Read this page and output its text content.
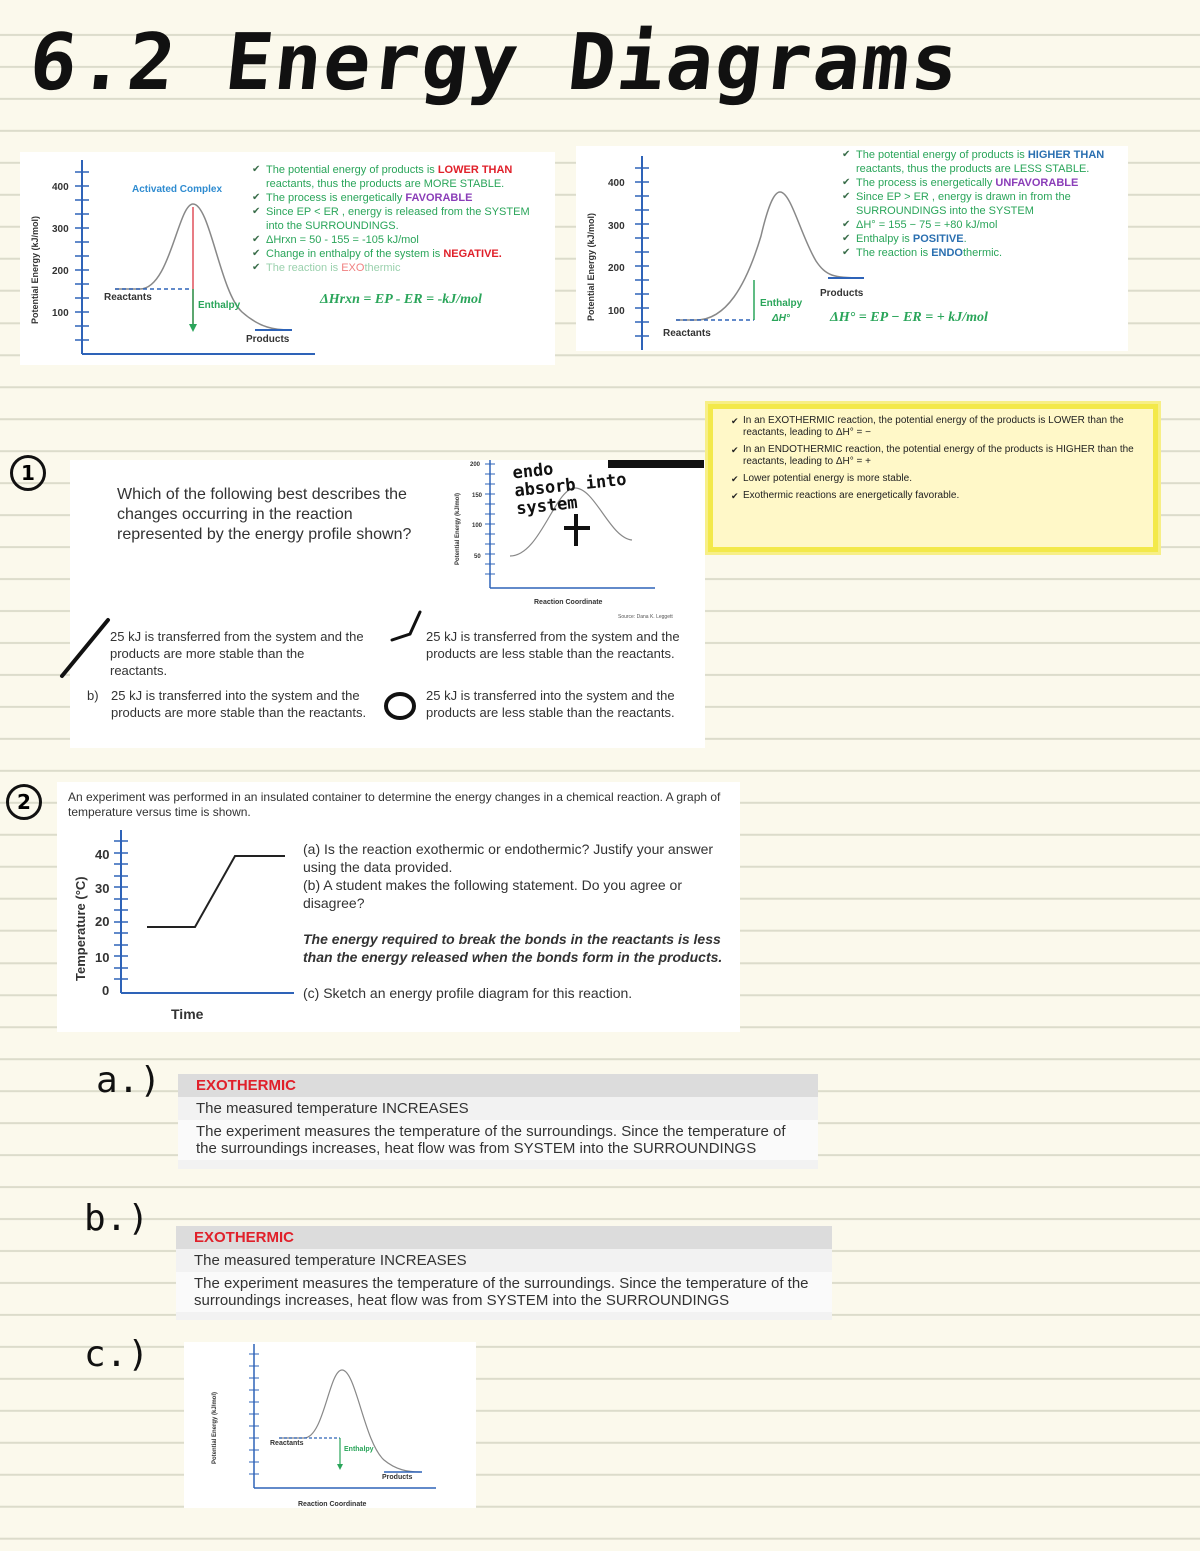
6.2 Energy Diagrams
Potential Energy (kJ/mol)
400
300
200
100
Activated Complex
Reactants
Enthalpy
Products
✔ The potential energy of products is LOWER THAN reactants, thus the products are MORE STABLE.
✔ The process is energetically FAVORABLE
✔ Since EP < ER , energy is released from the SYSTEM into the SURROUNDINGS.
✔ ΔHrxn = 50 - 155 = -105 kJ/mol
✔ Change in enthalpy of the system is NEGATIVE.
✔ The reaction is EXOthermic
ΔHrxn = EP - ER = -kJ/mol	Potential Energy (kJ/mol)
400
300
200
100
Enthalpy
ΔH°
Products
Reactants
✔ The potential energy of products is HIGHER THAN reactants, thus the products are LESS STABLE.
✔ The process is energetically UNFAVORABLE
✔ Since EP > ER , energy is drawn in from the SURROUNDINGS into the SYSTEM
✔ ΔH° = 155 − 75 = +80 kJ/mol
✔ Enthalpy is POSITIVE.
✔ The reaction is ENDOthermic.
ΔH° = EP − ER = + kJ/mol
✔ In an EXOTHERMIC reaction, the potential energy of the products is LOWER than the reactants, leading to ΔH° = −
✔ In an ENDOTHERMIC reaction, the potential energy of the products is HIGHER than the reactants, leading to ΔH° = +
✔ Lower potential energy is more stable.
✔ Exothermic reactions are energetically favorable.
1
Which of the following best describes the changes occurring in the reaction represented by the energy profile shown?	Potential Energy (kJ/mol)
200
150
100
50
Reaction Coordinate
Source: Dana K. Leggett
25 kJ is transferred from the system and the products are more stable than the reactants.
b) 25 kJ is transferred into the system and the products are more stable than the reactants.
25 kJ is transferred from the system and the products are less stable than the reactants.
25 kJ is transferred into the system and the products are less stable than the reactants.
endo
absorb into
system
2	An experiment was performed in an insulated container to determine the energy changes in a chemical reaction. A graph of temperature versus time is shown.
Temperature (°C)
40
30
20
10
0
Time
(a) Is the reaction exothermic or endothermic? Justify your answer using the data provided.
(b) A student makes the following statement. Do you agree or disagree?
The energy required to break the bonds in the reactants is less than the energy released when the bonds form in the products.
(c) Sketch an energy profile diagram for this reaction.
a.)	EXOTHERMIC
The measured temperature INCREASES
The experiment measures the temperature of the surroundings. Since the temperature of the surroundings increases, heat flow was from SYSTEM into the SURROUNDINGS
b.)	EXOTHERMIC
The measured temperature INCREASES
The experiment measures the temperature of the surroundings. Since the temperature of the surroundings increases, heat flow was from SYSTEM into the SURROUNDINGS
c.)
Potential Energy (kJ/mol)	Reactants
Enthalpy
Products
Reaction Coordinate
